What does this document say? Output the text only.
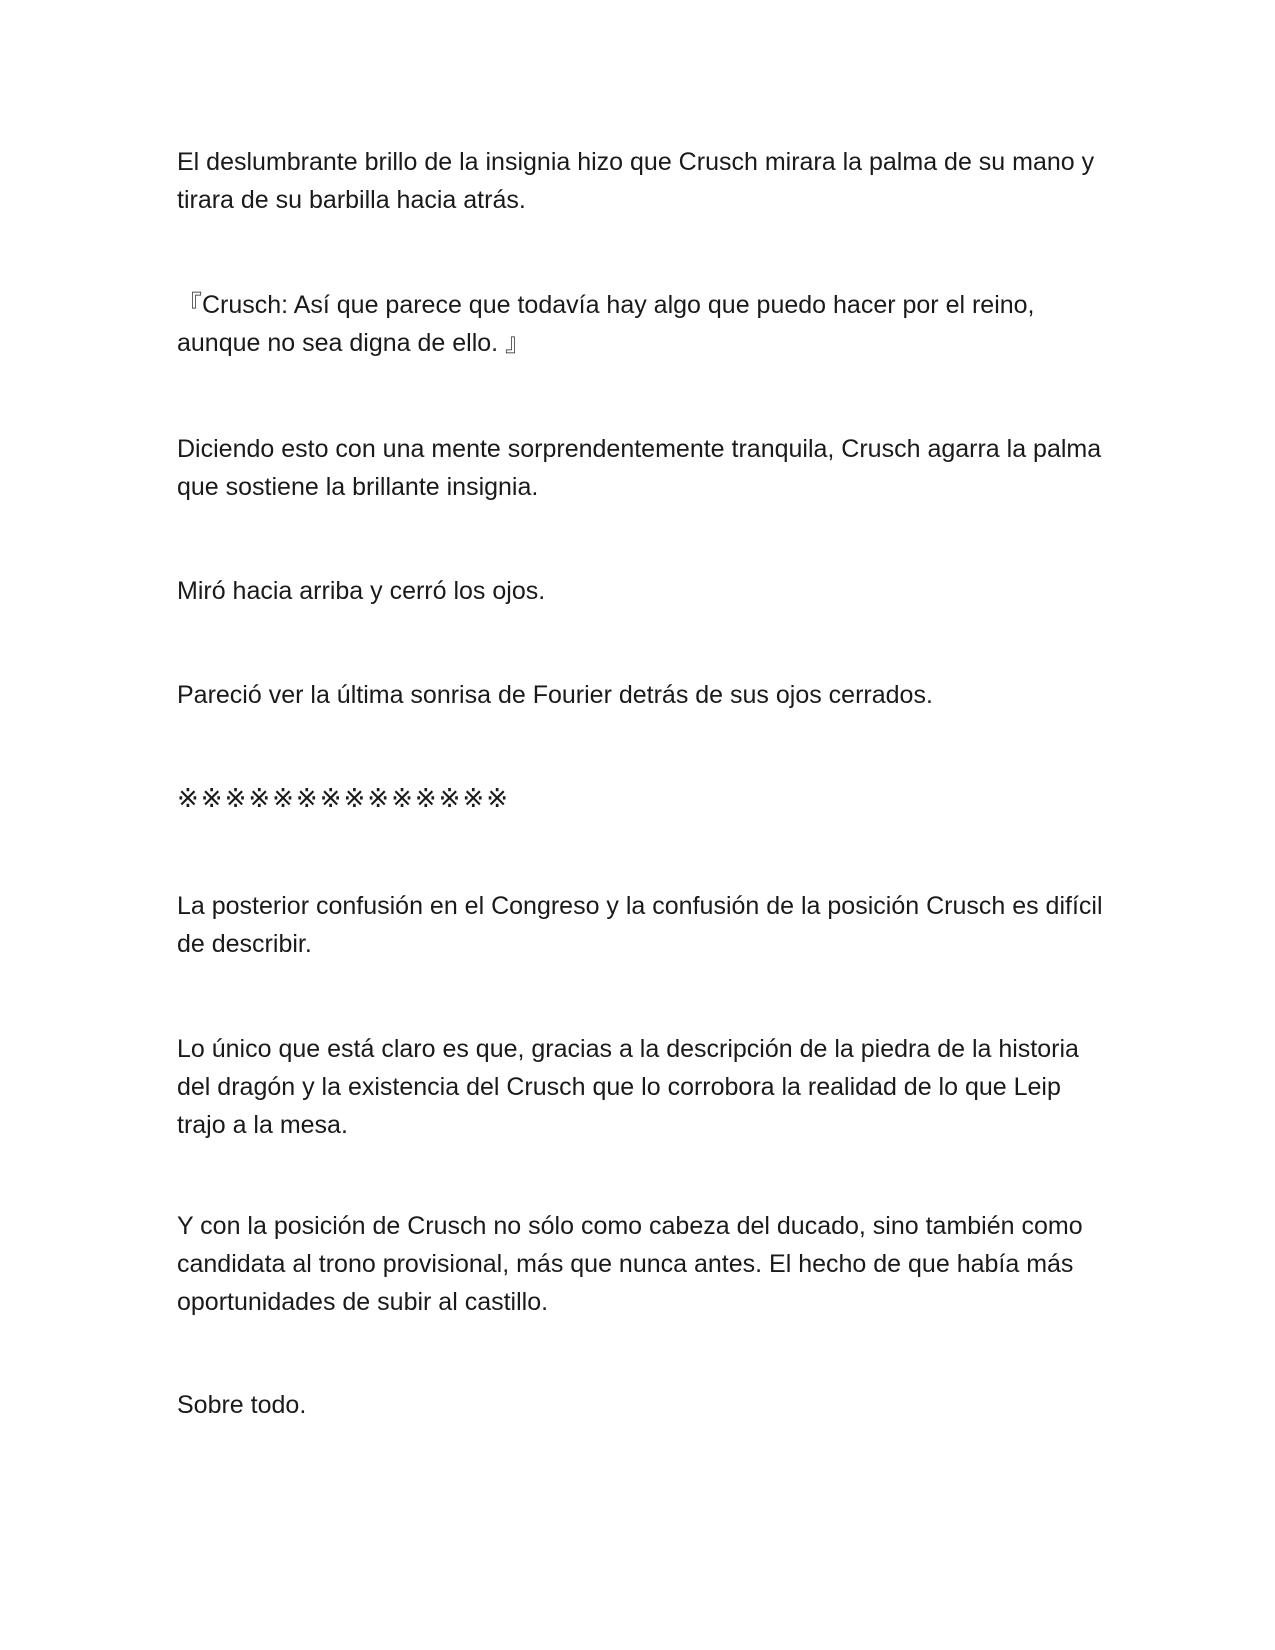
El deslumbrante brillo de la insignia hizo que Crusch mirara la palma de su mano y tirara de su barbilla hacia atrás.

『Crusch: Así que parece que todavía hay algo que puedo hacer por el reino, aunque no sea digna de ello. 』

Diciendo esto con una mente sorprendentemente tranquila, Crusch agarra la palma que sostiene la brillante insignia.

Miró hacia arriba y cerró los ojos.

Pareció ver la última sonrisa de Fourier detrás de sus ojos cerrados.

※※※※※※※※※※※※※※

La posterior confusión en el Congreso y la confusión de la posición Crusch es difícil de describir.

Lo único que está claro es que, gracias a la descripción de la piedra de la historia del dragón y la existencia del Crusch que lo corrobora la realidad de lo que Leip trajo a la mesa.

Y con la posición de Crusch no sólo como cabeza del ducado, sino también como candidata al trono provisional, más que nunca antes. El hecho de que había más oportunidades de subir al castillo.

Sobre todo.
